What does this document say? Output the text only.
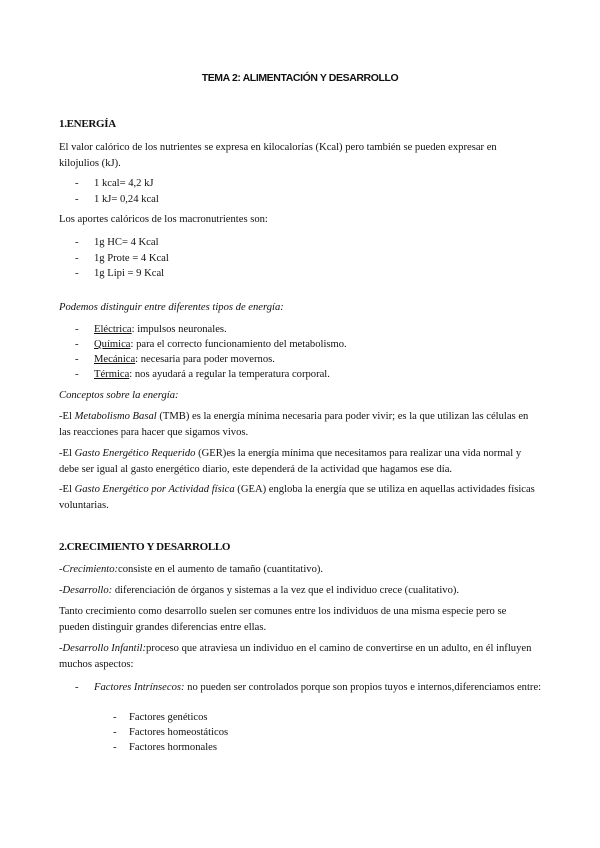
TEMA 2: ALIMENTACIÓN Y DESARROLLO
1.ENERGÍA
El valor calórico de los nutrientes se expresa en kilocalorías (Kcal) pero también se pueden expresar en kilojulios (kJ).
- 1 kcal= 4,2 kJ
- 1 kJ= 0,24 kcal
Los aportes calóricos de los macronutrientes son:
- 1g HC= 4 Kcal
- 1g Prote = 4 Kcal
- 1g Lipi = 9 Kcal
Podemos distinguir entre diferentes tipos de energía:
- Eléctrica: impulsos neuronales.
- Química: para el correcto funcionamiento del metabolismo.
- Mecánica: necesaria para poder movernos.
- Térmica: nos ayudará a regular la temperatura corporal.
Conceptos sobre la energía:
-El Metabolismo Basal (TMB) es la energía mínima necesaria para poder vivir; es la que utilizan las células en las reacciones para hacer que sigamos vivos.
-El Gasto Energético Requerido (GER)es la energía mínima que necesitamos para realizar una vida normal y debe ser igual al gasto energético diario, este dependerá de la actividad que hagamos ese día.
-El Gasto Energético por Actividad física (GEA) engloba la energía que se utiliza en aquellas actividades físicas voluntarias.
2.CRECIMIENTO Y DESARROLLO
-Crecimiento:consiste en el aumento de tamaño (cuantitativo).
-Desarrollo: diferenciación de órganos y sistemas a la vez que el individuo crece (cualitativo).
Tanto crecimiento como desarrollo suelen ser comunes entre los individuos de una misma especie pero se pueden distinguir grandes diferencias entre ellas.
-Desarrollo Infantil:proceso que atraviesa un individuo en el camino de convertirse en un adulto, en él influyen muchos aspectos:
- Factores Intrínsecos: no pueden ser controlados porque son propios tuyos e internos,diferenciamos entre:
- Factores genéticos
- Factores homeostáticos
- Factores hormonales
